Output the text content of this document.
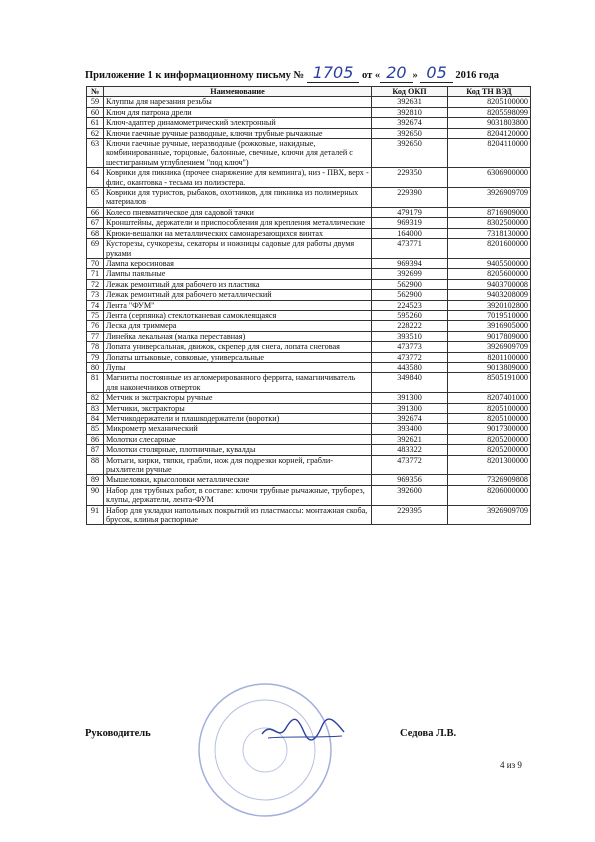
Приложение 1 к информационному письму № 1705 от « 20 » 05 2016 года
№	Наименование	Код ОКП	Код ТН ВЭД
59	Клуппы для нарезания резьбы	392631	8205100000
60	Ключ для патрона дрели	392810	8205598099
61	Ключ-адаптер динамометрический электронный	392674	9031803800
62	Ключи гаечные ручные разводные, ключи трубные рычажные	392650	8204120000
63	Ключи гаечные ручные, неразводные (рожковые, накидные, комбинированные, торцовые, балонные, свечные, ключи для деталей с шестигранным углублением "под ключ")	392650	8204110000
64	Коврики для пикника (прочее снаряжение для кемпинга), низ - ПВХ, верх - флис, окантовка - тесьма из полиэстера.	229350	6306900000
65	Коврики для туристов, рыбаков, охотников, для пикника из полимерных материалов	229390	3926909709
66	Колесо пневматическое для садовой тачки	479179	8716909000
67	Кронштейны, держатели и приспособления для крепления металлические	969319	8302500000
68	Крюки-вешалки на металлических самонарезающихся винтах	164000	7318130000
69	Кусторезы, сучкорезы, секаторы и ножницы садовые для работы двумя руками	473771	8201600000
70	Лампа керосиновая	969394	9405500000
71	Лампы паяльные	392699	8205600000
72	Лежак ремонтный для рабочего из пластика	562900	9403700008
73	Лежак ремонтный для рабочего металлический	562900	9403208009
74	Лента "ФУМ"	224523	3920102800
75	Лента (серпянка) стеклотканевая самоклеящаяся	595260	7019510000
76	Леска для триммера	228222	3916905000
77	Линейка лекальная (малка переставная)	393510	9017809000
78	Лопата универсальная, движок, скрепер для снега, лопата снеговая	473773	3926909709
79	Лопаты штыковые, совковые, универсальные	473772	8201100000
80	Лупы	443580	9013809000
81	Магниты постоянные из агломерированного феррита, намагничиватель для наконечников отверток	349840	8505191000
82	Метчик и экстракторы ручные	391300	8207401000
83	Метчики, экстракторы	391300	8205100000
84	Метчикодержатели и плашкодержатели (воротки)	392674	8205100000
85	Микрометр механический	393400	9017300000
86	Молотки слесарные	392621	8205200000
87	Молотки столярные, плотничные, кувалды	483322	8205200000
88	Мотыги, кирки, тяпки, грабли, нож для подрезки корней, грабли-рыхлители ручные	473772	8201300000
89	Мышеловки, крысоловки металлические	969356	7326909808
90	Набор для трубных работ, в составе: ключи трубные рычажные, труборез, клупы, держатели, лента-ФУМ	392600	8206000000
91	Набор для укладки напольных покрытий из пластмассы: монтажная скоба, брусок, клинья распорные	229395	3926909709
Руководитель	Седова Л.В.
4 из 9
